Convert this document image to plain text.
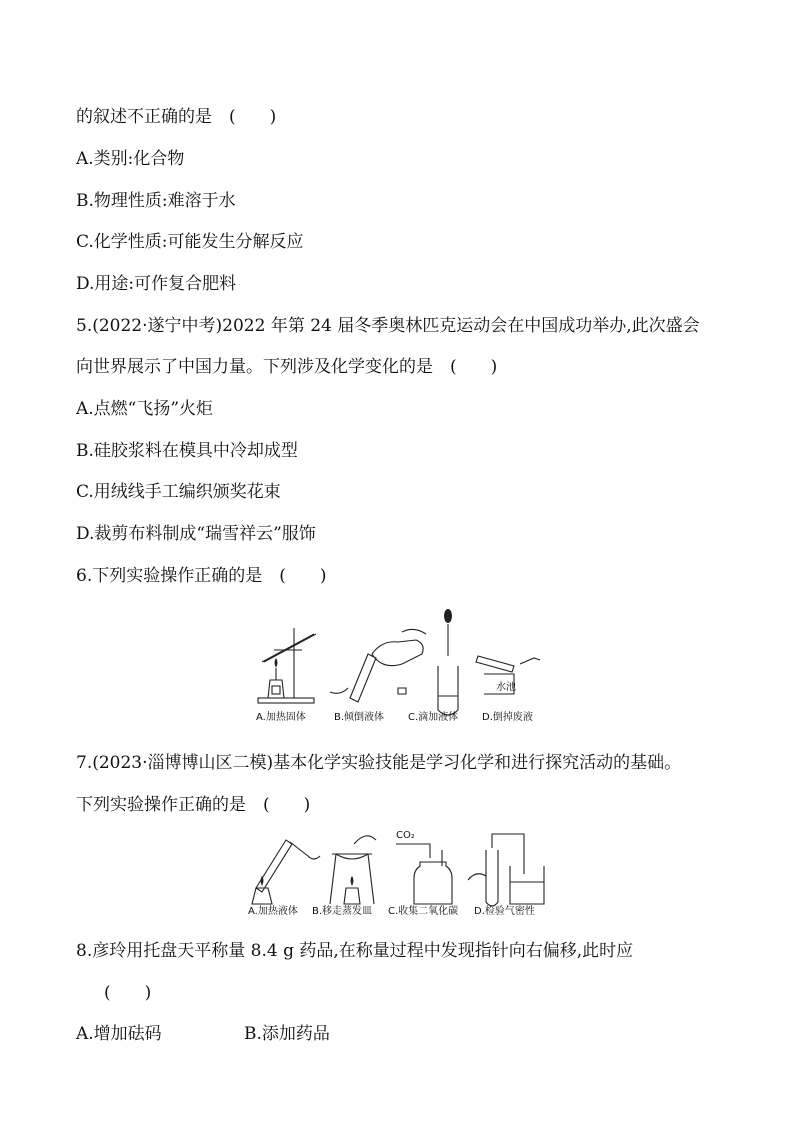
的叙述不正确的是　(　　)
A.类别:化合物
B.物理性质:难溶于水
C.化学性质:可能发生分解反应
D.用途:可作复合肥料
5.(2022·遂宁中考)2022 年第 24 届冬季奥林匹克运动会在中国成功举办,此次盛会
向世界展示了中国力量。下列涉及化学变化的是　(　　)
A.点燃“飞扬”火炬
B.硅胶浆料在模具中冷却成型
C.用绒线手工编织颁奖花束
D.裁剪布料制成“瑞雪祥云”服饰
6.下列实验操作正确的是　(　　)
水池
A.加热固体	B.倾倒液体 C.滴加液体 D.倒掉废液
7.(2023·淄博博山区二模)基本化学实验技能是学习化学和进行探究活动的基础。
下列实验操作正确的是　(　　)
CO₂
A.加热液体 B.移走蒸发皿 C.收集二氧化碳 D.检验气密性
8.彦玲用托盘天平称量 8.4 g 药品,在称量过程中发现指针向右偏移,此时应
(　　)
A.增加砝码	B.添加药品
